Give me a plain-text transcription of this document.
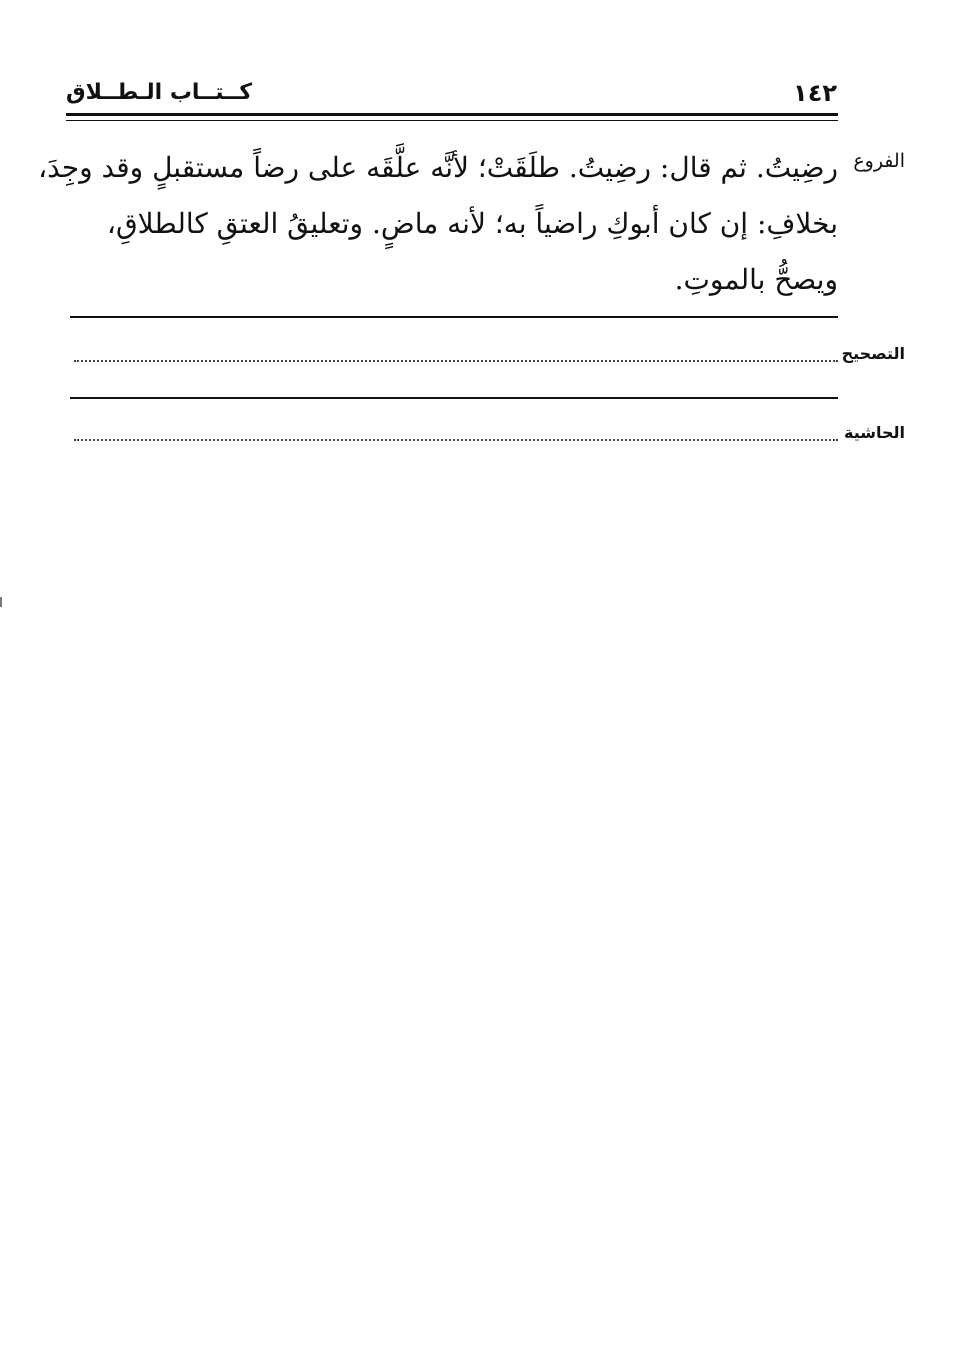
١٤٢
كــتــاب الـطــلاق
الفروع
رضِيتُ. ثم قال: رضِيتُ. طلَقَتْ؛ لأنَّه علَّقَه على رضاً مستقبلٍ وقد وجِدَ،
بخلافِ: إن كان أبوكِ راضياً به؛ لأنه ماضٍ. وتعليقُ العتقِ كالطلاقِ،
ويصحُّ بالموتِ.
التصحيح
الحاشية
